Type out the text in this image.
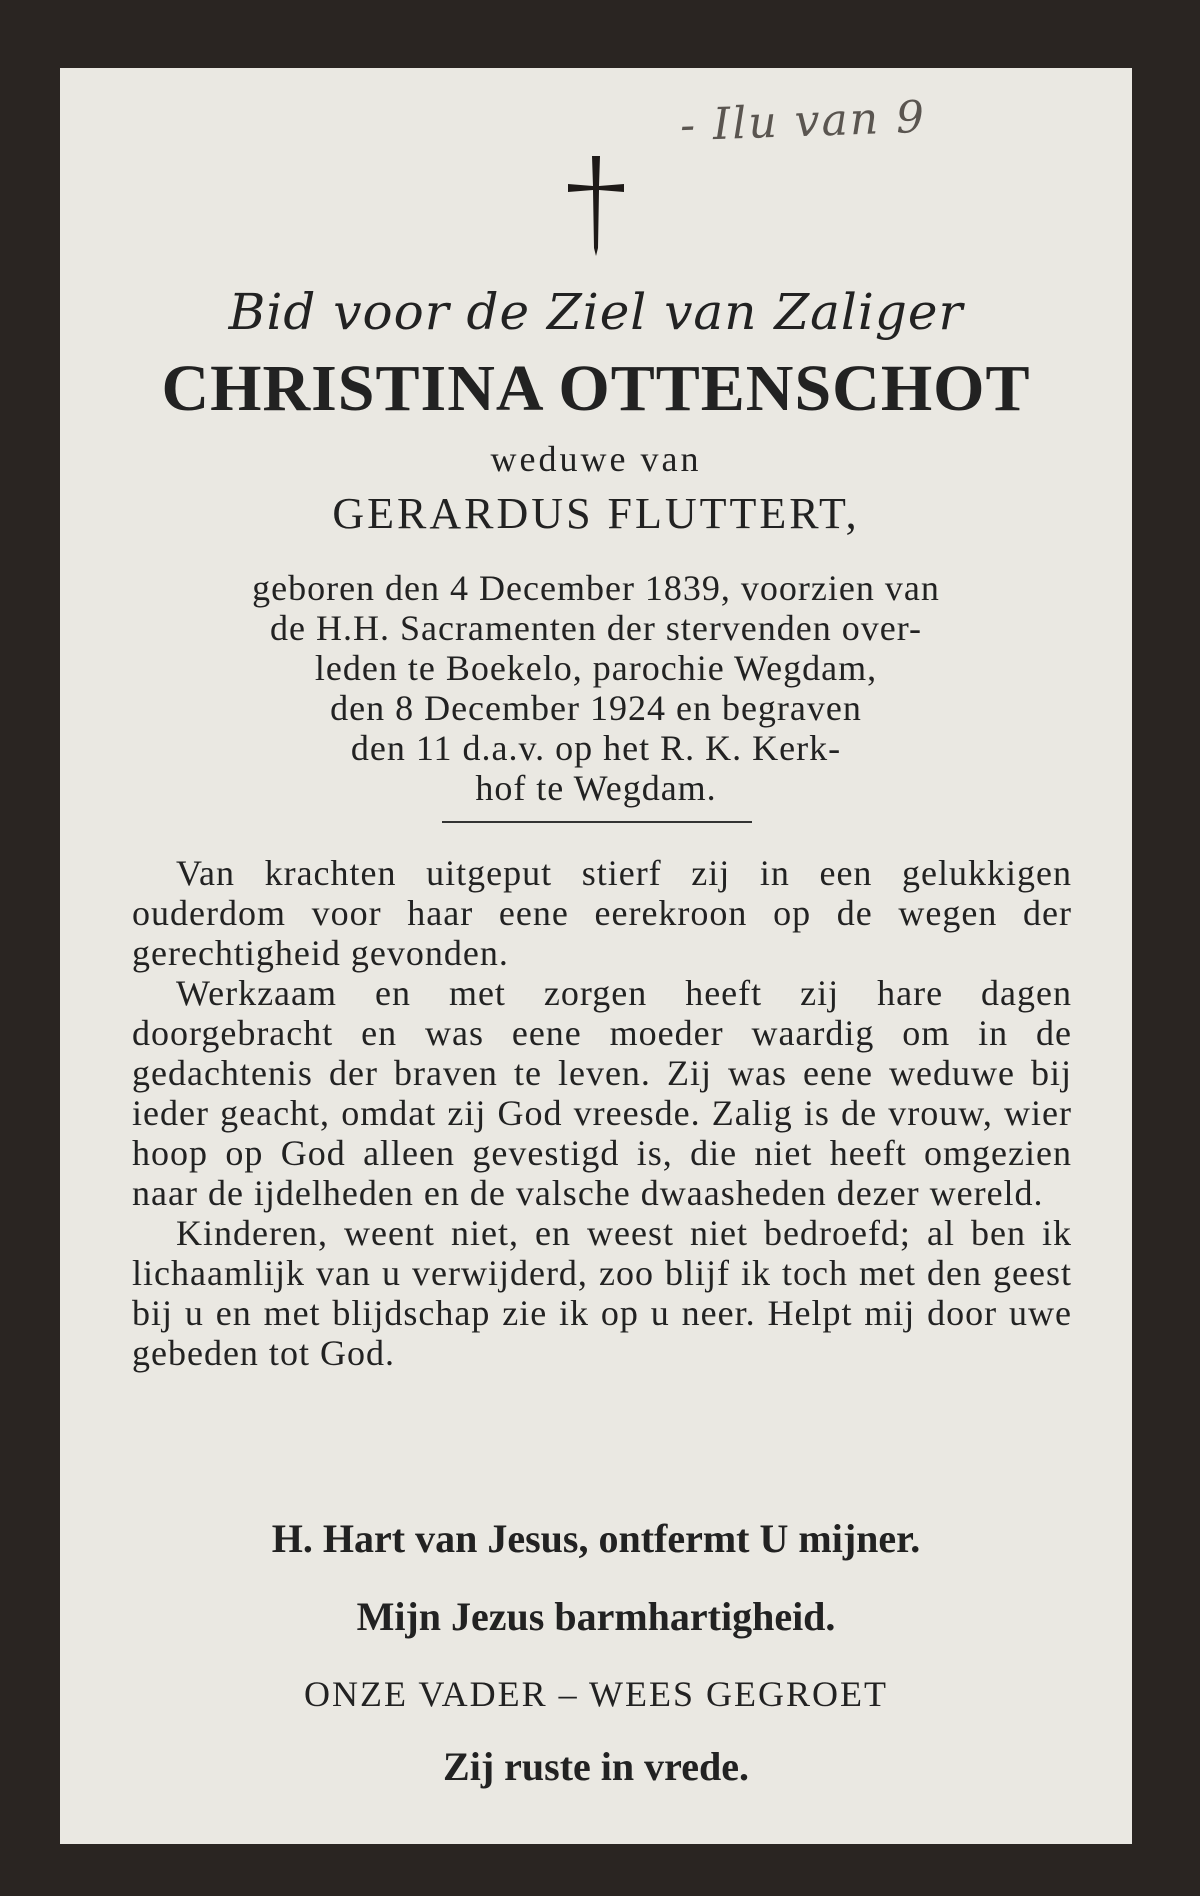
- Ilu van 9
Bid voor de Ziel van Zaliger
CHRISTINA OTTENSCHOT
weduwe van
GERARDUS FLUTTERT,
geboren den 4 December 1839, voorzien van
de H.H. Sacramenten der stervenden over-
leden te Boekelo, parochie Wegdam,
den 8 December 1924 en begraven
den 11 d.a.v. op het R. K. Kerk-
hof te Wegdam.

Van krachten uitgeput stierf zij in een gelukkigen ouderdom voor haar eene eerekroon op de wegen der gerechtigheid gevonden.

Werkzaam en met zorgen heeft zij hare dagen doorgebracht en was eene moeder waardig om in de gedachtenis der braven te leven. Zij was eene weduwe bij ieder geacht, omdat zij God vreesde. Zalig is de vrouw, wier hoop op God alleen gevestigd is, die niet heeft omgezien naar de ijdelheden en de valsche dwaasheden dezer wereld.

Kinderen, weent niet, en weest niet bedroefd; al ben ik lichaamlijk van u verwijderd, zoo blijf ik toch met den geest bij u en met blijdschap zie ik op u neer. Helpt mij door uwe gebeden tot God.

H. Hart van Jesus, ontfermt U mijner.
Mijn Jezus barmhartigheid.
ONZE VADER – WEES GEGROET
Zij ruste in vrede.
